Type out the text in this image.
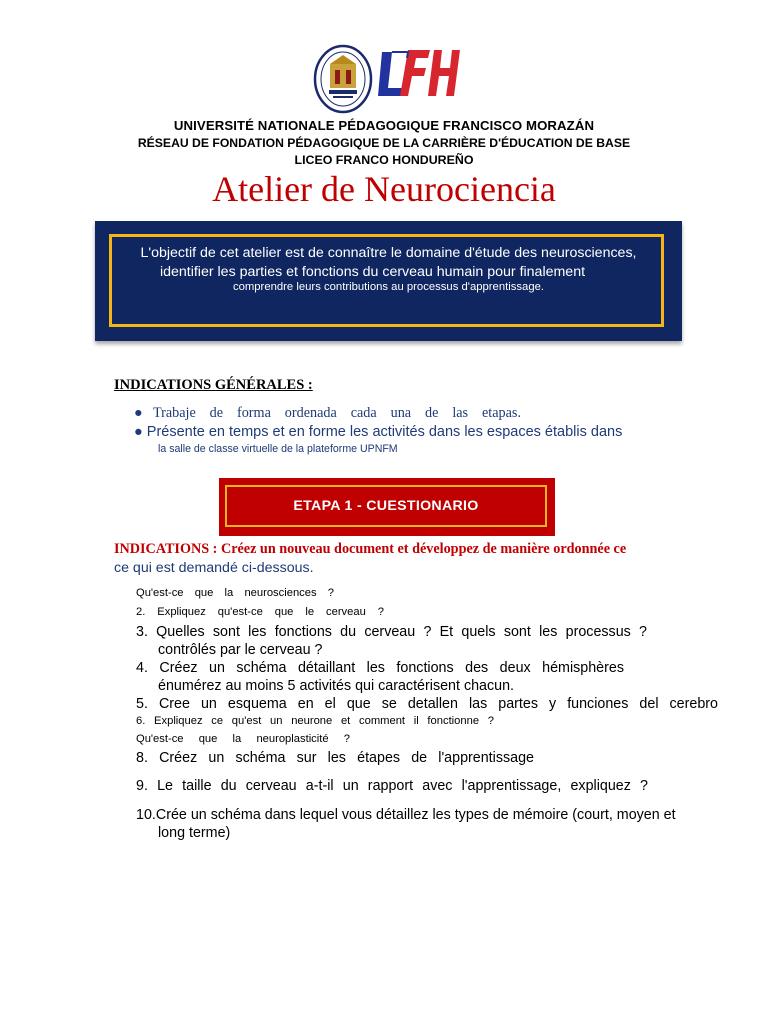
UNIVERSITÉ NATIONALE PÉDAGOGIQUE FRANCISCO MORAZÁN
RÉSEAU DE FONDATION PÉDAGOGIQUE DE LA CARRIÈRE D'ÉDUCATION DE BASE
LICEO FRANCO HONDUREÑO
Atelier de Neurociencia
L'objectif de cet atelier est de connaître le domaine d'étude des neurosciences,
identifier les parties et fonctions du cerveau humain pour finalement
comprendre leurs contributions au processus d'apprentissage.
INDICATIONS GÉNÉRALES :
●Trabaje de forma ordenada cada una de las etapas.
● Présente en temps et en forme les activités dans les espaces établis dans
la salle de classe virtuelle de la plateforme UPNFM
ETAPA 1 - CUESTIONARIO
INDICATIONS : Créez un nouveau document et développez de manière ordonnée ce
ce qui est demandé ci-dessous.
Qu'est-ce que la neurosciences ?
2. Expliquez qu'est-ce que le cerveau ?
3. Quelles sont les fonctions du cerveau ? Et quels sont les processus ?
contrôlés par le cerveau ?
4. Créez un schéma détaillant les fonctions des deux hémisphères
énumérez au moins 5 activités qui caractérisent chacun.
5. Cree un esquema en el que se detallen las partes y funciones del cerebro
6. Expliquez ce qu'est un neurone et comment il fonctionne ?
Qu'est-ce que la neuroplasticité ?
8. Créez un schéma sur les étapes de l'apprentissage
9. Le taille du cerveau a-t-il un rapport avec l'apprentissage, expliquez ?
10.Crée un schéma dans lequel vous détaillez les types de mémoire (court, moyen et
long terme)
